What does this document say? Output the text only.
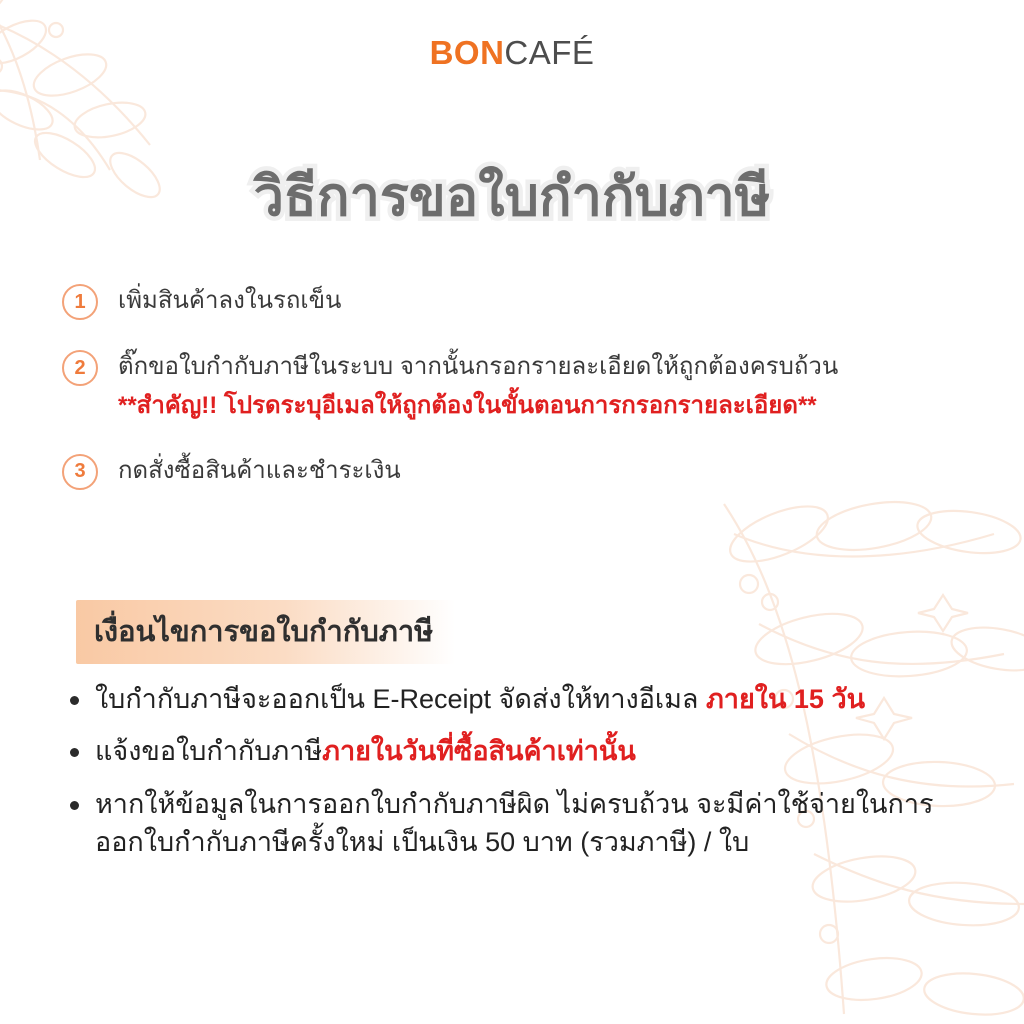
BONCAFÉ
วิธีการขอใบกำกับภาษี
1	เพิ่มสินค้าลงในรถเข็น
2	ติ๊กขอใบกำกับภาษีในระบบ จากนั้นกรอกรายละเอียดให้ถูกต้องครบถ้วน
**สำคัญ!! โปรดระบุอีเมลให้ถูกต้องในขั้นตอนการกรอกรายละเอียด**
3	กดสั่งซื้อสินค้าและชำระเงิน
เงื่อนไขการขอใบกำกับภาษี
ใบกำกับภาษีจะออกเป็น E-Receipt จัดส่งให้ทางอีเมล ภายใน 15 วัน
แจ้งขอใบกำกับภาษีภายในวันที่ซื้อสินค้าเท่านั้น
หากให้ข้อมูลในการออกใบกำกับภาษีผิด ไม่ครบถ้วน จะมีค่าใช้จ่ายในการออกใบกำกับภาษีครั้งใหม่ เป็นเงิน 50 บาท (รวมภาษี) / ใบ
